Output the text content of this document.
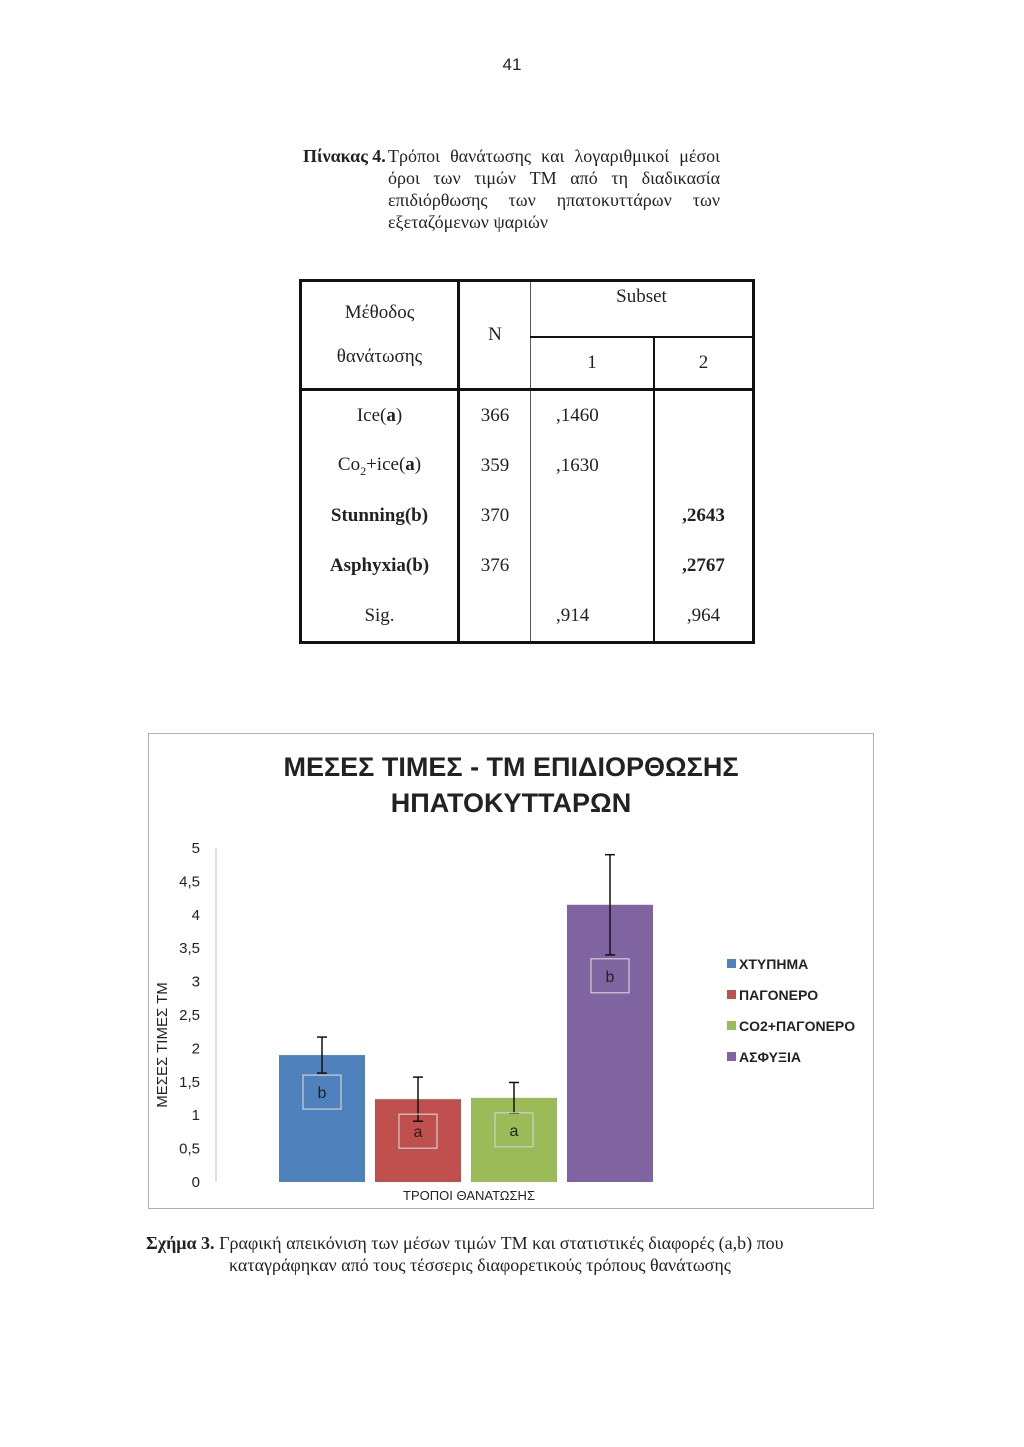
41
Πίνακας 4. Τρόποι θανάτωσης και λογαριθμικοί μέσοι όροι των τιμών TM από τη διαδικασία επιδιόρθωσης των ηπατοκυττάρων των εξεταζόμενων ψαριών
Μέθοδος
θανάτωσης	N	Subset	
		1	2
Ice(a)	366	,1460	
$Co_2+ice(a)$	359	,1630	
Stunning(b)	370		,2643
Asphyxia(b)	376		,2767
Sig.		,914	,964
ΜΕΣΕΣ ΤΙΜΕΣ - ΤΜ ΕΠΙΔΙΟΡΘΩΣΗΣ
ΗΠΑΤΟΚΥΤΤΑΡΩΝ
0
0,5
1
1,5
2
2,5
3
3,5
4
4,5
5
ΜΕΣΕΣ ΤΙΜΕΣ ΤΜ	b
a	a
b
ΤΡΟΠΟΙ ΘΑΝΑΤΩΣΗΣ
ΧΤΥΠΗΜΑ
ΠΑΓΟΝΕΡΟ
CO2+ΠΑΓΟΝΕΡΟ
ΑΣΦΥΞΙΑ
Σχήμα 3. Γραφική απεικόνιση των μέσων τιμών TM και στατιστικές διαφορές (a,b) που
καταγράφηκαν από τους τέσσερις διαφορετικούς τρόπους θανάτωσης
